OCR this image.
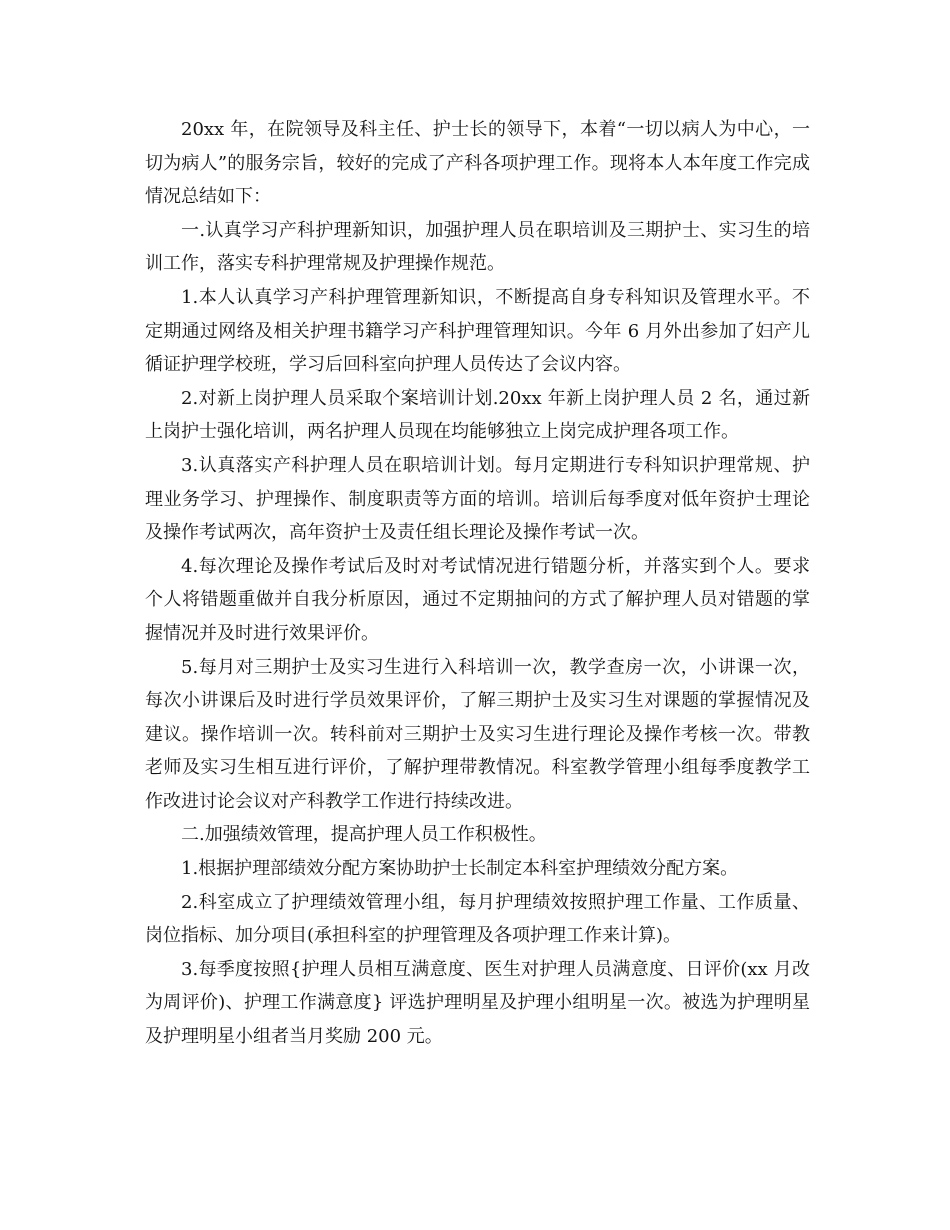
20xx 年，在院领导及科主任、护士长的领导下，本着“一切以病人为中心，一切为病人”的服务宗旨，较好的完成了产科各项护理工作。现将本人本年度工作完成情况总结如下：

一.认真学习产科护理新知识，加强护理人员在职培训及三期护士、实习生的培训工作，落实专科护理常规及护理操作规范。

1.本人认真学习产科护理管理新知识，不断提高自身专科知识及管理水平。不定期通过网络及相关护理书籍学习产科护理管理知识。今年 6 月外出参加了妇产儿循证护理学校班，学习后回科室向护理人员传达了会议内容。

2.对新上岗护理人员采取个案培训计划.20xx 年新上岗护理人员 2 名，通过新上岗护士强化培训，两名护理人员现在均能够独立上岗完成护理各项工作。

3.认真落实产科护理人员在职培训计划。每月定期进行专科知识护理常规、护理业务学习、护理操作、制度职责等方面的培训。培训后每季度对低年资护士理论及操作考试两次，高年资护士及责任组长理论及操作考试一次。

4.每次理论及操作考试后及时对考试情况进行错题分析，并落实到个人。要求个人将错题重做并自我分析原因，通过不定期抽问的方式了解护理人员对错题的掌握情况并及时进行效果评价。

5.每月对三期护士及实习生进行入科培训一次，教学查房一次，小讲课一次，每次小讲课后及时进行学员效果评价，了解三期护士及实习生对课题的掌握情况及建议。操作培训一次。转科前对三期护士及实习生进行理论及操作考核一次。带教老师及实习生相互进行评价，了解护理带教情况。科室教学管理小组每季度教学工作改进讨论会议对产科教学工作进行持续改进。

二.加强绩效管理，提高护理人员工作积极性。

1.根据护理部绩效分配方案协助护士长制定本科室护理绩效分配方案。

2.科室成立了护理绩效管理小组，每月护理绩效按照护理工作量、工作质量、岗位指标、加分项目(承担科室的护理管理及各项护理工作来计算)。

3.每季度按照{护理人员相互满意度、医生对护理人员满意度、日评价(xx 月改为周评价)、护理工作满意度} 评选护理明星及护理小组明星一次。被选为护理明星及护理明星小组者当月奖励 200 元。
